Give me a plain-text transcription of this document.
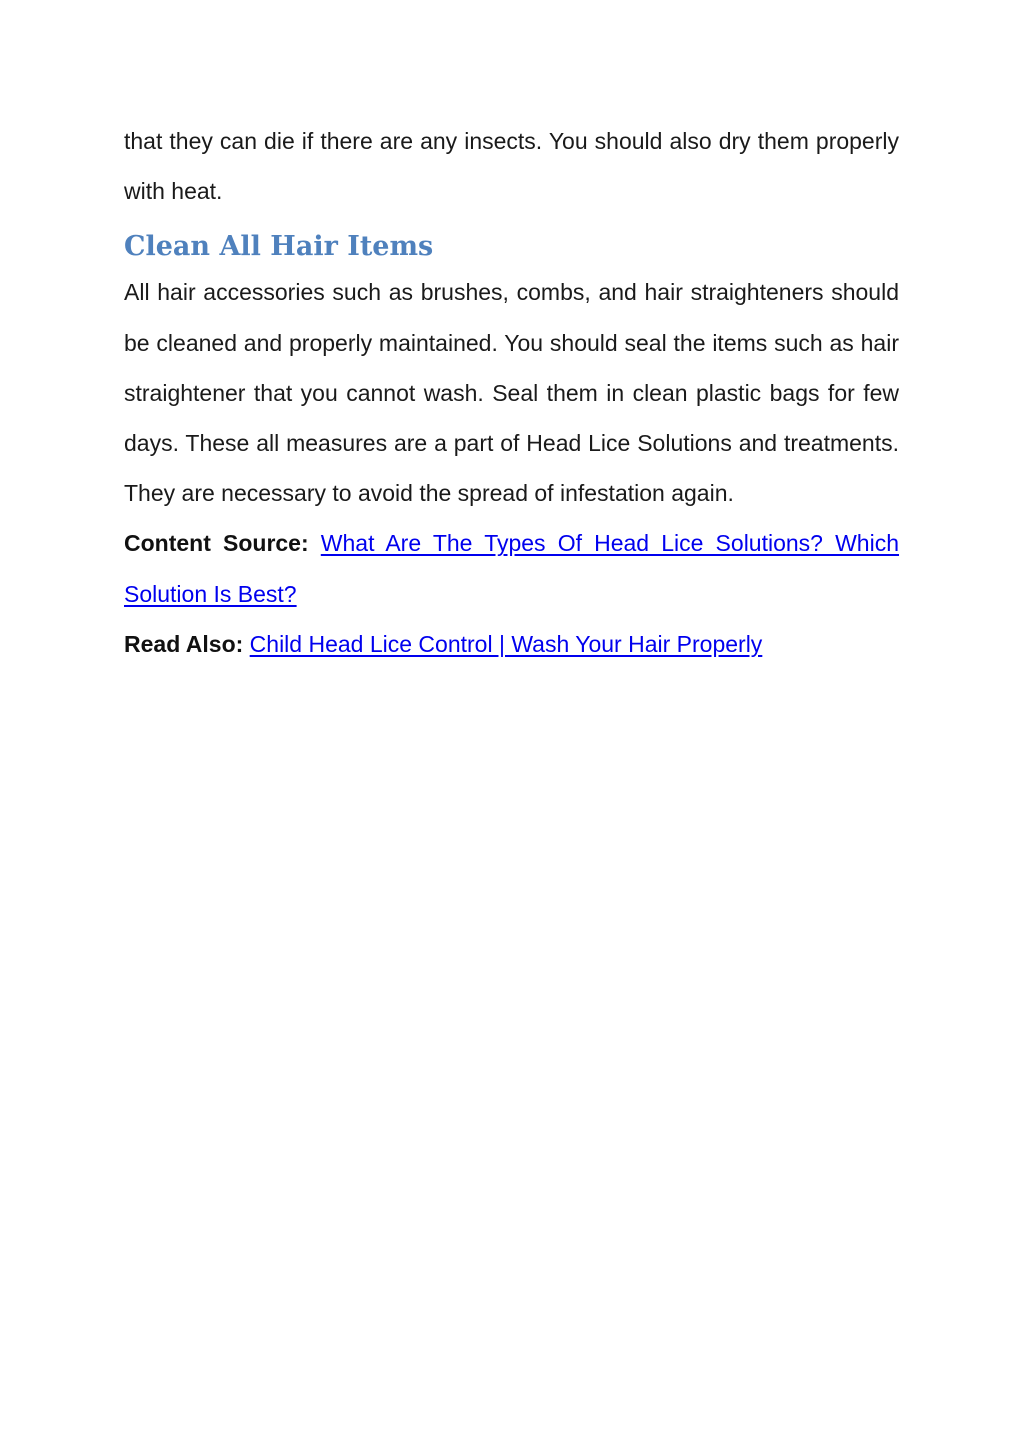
that they can die if there are any insects. You should also dry them properly with heat.

Clean All Hair Items

All hair accessories such as brushes, combs, and hair straighteners should be cleaned and properly maintained. You should seal the items such as hair straightener that you cannot wash. Seal them in clean plastic bags for few days. These all measures are a part of Head Lice Solutions and treatments. They are necessary to avoid the spread of infestation again.

Content Source: What Are The Types Of Head Lice Solutions? Which Solution Is Best?

Read Also: Child Head Lice Control | Wash Your Hair Properly
